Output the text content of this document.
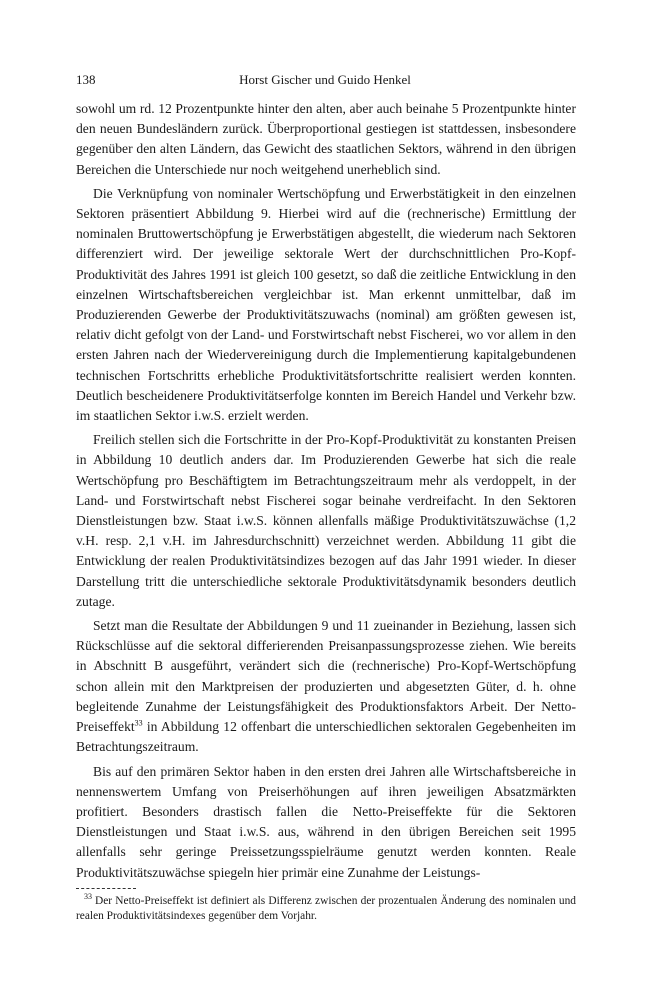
138	Horst Gischer und Guido Henkel

sowohl um rd. 12 Prozentpunkte hinter den alten, aber auch beinahe 5 Prozentpunkte hinter den neuen Bundesländern zurück. Überproportional gestiegen ist stattdessen, insbesondere gegenüber den alten Ländern, das Gewicht des staatlichen Sektors, während in den übrigen Bereichen die Unterschiede nur noch weitgehend unerheblich sind.

Die Verknüpfung von nominaler Wertschöpfung und Erwerbstätigkeit in den einzelnen Sektoren präsentiert Abbildung 9. Hierbei wird auf die (rechnerische) Ermittlung der nominalen Bruttowertschöpfung je Erwerbstätigen abgestellt, die wiederum nach Sektoren differenziert wird. Der jeweilige sektorale Wert der durchschnittlichen Pro-Kopf-Produktivität des Jahres 1991 ist gleich 100 gesetzt, so daß die zeitliche Entwicklung in den einzelnen Wirtschaftsbereichen vergleichbar ist. Man erkennt unmittelbar, daß im Produzierenden Gewerbe der Produktivitätszuwachs (nominal) am größten gewesen ist, relativ dicht gefolgt von der Land- und Forstwirtschaft nebst Fischerei, wo vor allem in den ersten Jahren nach der Wiedervereinigung durch die Implementierung kapitalgebundenen technischen Fortschritts erhebliche Produktivitätsfortschritte realisiert werden konnten. Deutlich bescheidenere Produktivitätserfolge konnten im Bereich Handel und Verkehr bzw. im staatlichen Sektor i.w.S. erzielt werden.

Freilich stellen sich die Fortschritte in der Pro-Kopf-Produktivität zu konstanten Preisen in Abbildung 10 deutlich anders dar. Im Produzierenden Gewerbe hat sich die reale Wertschöpfung pro Beschäftigtem im Betrachtungszeitraum mehr als verdoppelt, in der Land- und Forstwirtschaft nebst Fischerei sogar beinahe verdreifacht. In den Sektoren Dienstleistungen bzw. Staat i.w.S. können allenfalls mäßige Produktivitätszuwächse (1,2 v.H. resp. 2,1 v.H. im Jahresdurchschnitt) verzeichnet werden. Abbildung 11 gibt die Entwicklung der realen Produktivitätsindizes bezogen auf das Jahr 1991 wieder. In dieser Darstellung tritt die unterschiedliche sektorale Produktivitätsdynamik besonders deutlich zutage.

Setzt man die Resultate der Abbildungen 9 und 11 zueinander in Beziehung, lassen sich Rückschlüsse auf die sektoral differierenden Preisanpassungsprozesse ziehen. Wie bereits in Abschnitt B ausgeführt, verändert sich die (rechnerische) Pro-Kopf-Wertschöpfung schon allein mit den Marktpreisen der produzierten und abgesetzten Güter, d. h. ohne begleitende Zunahme der Leistungsfähigkeit des Produktionsfaktors Arbeit. Der Netto-Preiseffekt$^{33}$ in Abbildung 12 offenbart die unterschiedlichen sektoralen Gegebenheiten im Betrachtungszeitraum.

Bis auf den primären Sektor haben in den ersten drei Jahren alle Wirtschaftsbereiche in nennenswertem Umfang von Preiserhöhungen auf ihren jeweiligen Absatzmärkten profitiert. Besonders drastisch fallen die Netto-Preiseffekte für die Sektoren Dienstleistungen und Staat i.w.S. aus, während in den übrigen Bereichen seit 1995 allenfalls sehr geringe Preissetzungsspielräume genutzt werden konnten. Reale Produktivitätszuwächse spiegeln hier primär eine Zunahme der Leistungs-

$^{33}$ Der Netto-Preiseffekt ist definiert als Differenz zwischen der prozentualen Änderung des nominalen und realen Produktivitätsindexes gegenüber dem Vorjahr.
